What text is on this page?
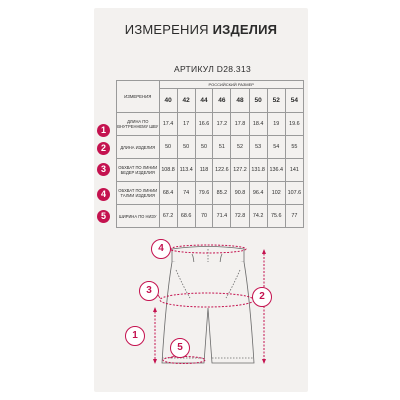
ИЗМЕРЕНИЯ ИЗДЕЛИЯ
АРТИКУЛ D28.313
ИЗМЕРЕНИЯ	РОССИЙСКИЙ РАЗМЕР							
	40	42	44	46	48	50	52	54
ДЛИНА ПО ВНУТРЕННЕМУ ШВУ	17.4	17	16.6	17.2	17.8	18.4	19	19.6
ДЛИНА ИЗДЕЛИЯ	50	50	50	51	52	53	54	55
ОБХВАТ ПО ЛИНИИ БЕДЕР ИЗДЕЛИЯ	108.8	113.4	118	122.6	127.2	131.8	136.4	141
ОБХВАТ ПО ЛИНИИ ТАЛИИ ИЗДЕЛИЯ	68.4	74	79.6	85.2	90.8	96.4	102	107.6
ШИРИНА ПО НИЗУ	67.2	68.6	70	71.4	72.8	74.2	75.6	77
1
2
3
4
5
4
2
3
1
5
